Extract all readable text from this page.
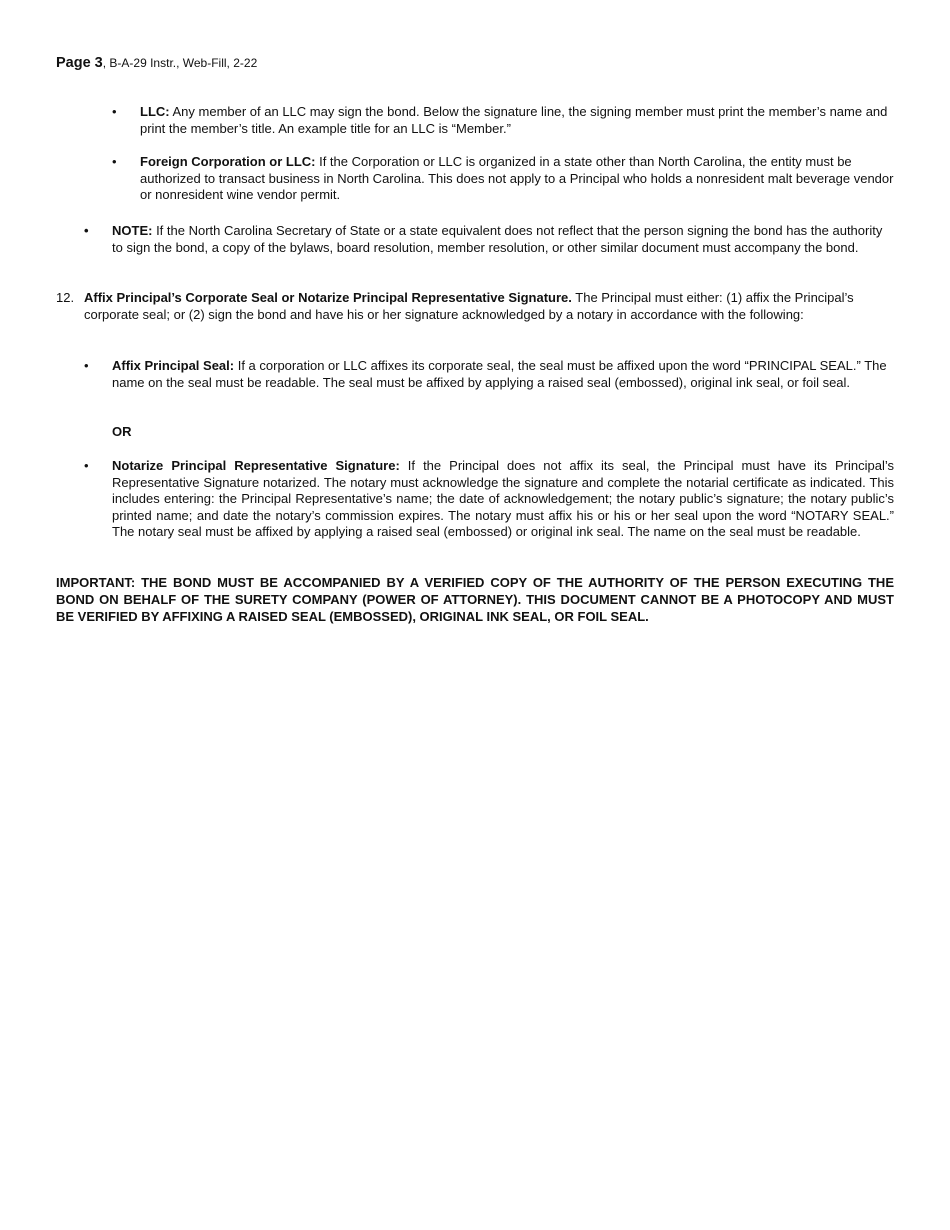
Page 3, B-A-29 Instr., Web-Fill, 2-22
• LLC: Any member of an LLC may sign the bond. Below the signature line, the signing member must print the member’s name and print the member’s title. An example title for an LLC is “Member.”
• Foreign Corporation or LLC: If the Corporation or LLC is organized in a state other than North Carolina, the entity must be authorized to transact business in North Carolina. This does not apply to a Principal who holds a nonresident malt beverage vendor or nonresident wine vendor permit.
• NOTE: If the North Carolina Secretary of State or a state equivalent does not reflect that the person signing the bond has the authority to sign the bond, a copy of the bylaws, board resolution, member resolution, or other similar document must accompany the bond.
12. Affix Principal’s Corporate Seal or Notarize Principal Representative Signature. The Principal must either: (1) affix the Principal’s corporate seal; or (2) sign the bond and have his or her signature acknowledged by a notary in accordance with the following:
• Affix Principal Seal: If a corporation or LLC affixes its corporate seal, the seal must be affixed upon the word “PRINCIPAL SEAL.” The name on the seal must be readable. The seal must be affixed by applying a raised seal (embossed), original ink seal, or foil seal.
OR
• Notarize Principal Representative Signature: If the Principal does not affix its seal, the Principal must have its Principal’s Representative Signature notarized. The notary must acknowledge the signature and complete the notarial certificate as indicated. This includes entering: the Principal Representative’s name; the date of acknowledgement; the notary public’s signature; the notary public’s printed name; and date the notary’s commission expires. The notary must affix his or his or her seal upon the word “NOTARY SEAL.” The notary seal must be affixed by applying a raised seal (embossed) or original ink seal. The name on the seal must be readable.
IMPORTANT: THE BOND MUST BE ACCOMPANIED BY A VERIFIED COPY OF THE AUTHORITY OF THE PERSON EXECUTING THE BOND ON BEHALF OF THE SURETY COMPANY (POWER OF ATTORNEY). THIS DOCUMENT CANNOT BE A PHOTOCOPY AND MUST BE VERIFIED BY AFFIXING A RAISED SEAL (EMBOSSED), ORIGINAL INK SEAL, OR FOIL SEAL.
